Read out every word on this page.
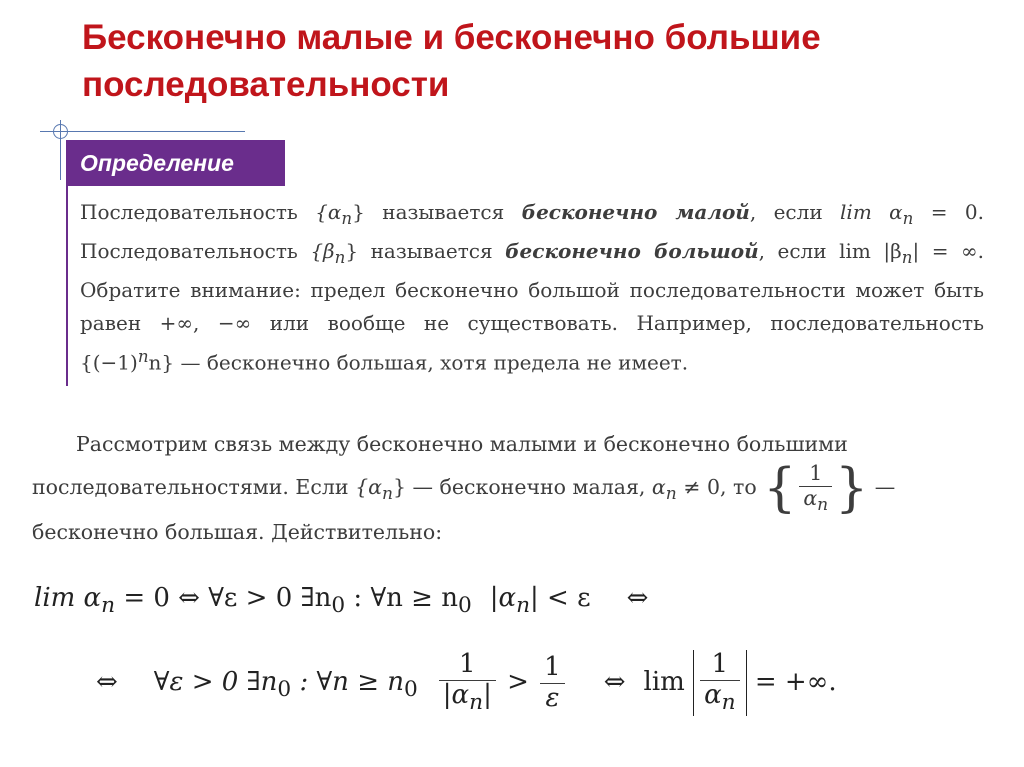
Бесконечно малые и бесконечно большие последовательности
Определение
Последовательность $\{\alpha_n\}$ называется бесконечно малой, если $\lim \alpha_n = 0$. Последовательность $\{\beta_n\}$ называется бесконечно большой, если $\lim |\beta_n|$ = ∞. Обратите внимание: предел бесконечно большой последовательности может быть равен +∞, −∞ или вообще не существовать. Например, последовательность $\{(-1)^nn\}$ — бесконечно большая, хотя предела не имеет.
Рассмотрим связь между бесконечно малыми и бесконечно большими
последовательностями. Если $\{\alpha_n\}$ — бесконечно малая, $\alpha_n \ne 0$, то { $\frac{1}{\alpha_n}$ } —
бесконечно большая. Действительно:
$\lim \alpha_n = 0$ ⇔ ∀ε > 0 $\exists n_0$ : ∀n ≥ $n_0$ $|\alpha_n| < \varepsilon$ ⇔
⇔ ∀ε > 0 $\exists n_0$ : ∀n ≥ $n_0 \frac{1}{|\alpha_n|} > \frac{1}{\varepsilon}$ ⇔ $\lim \frac{1}{\alpha_n}$ = +∞.
